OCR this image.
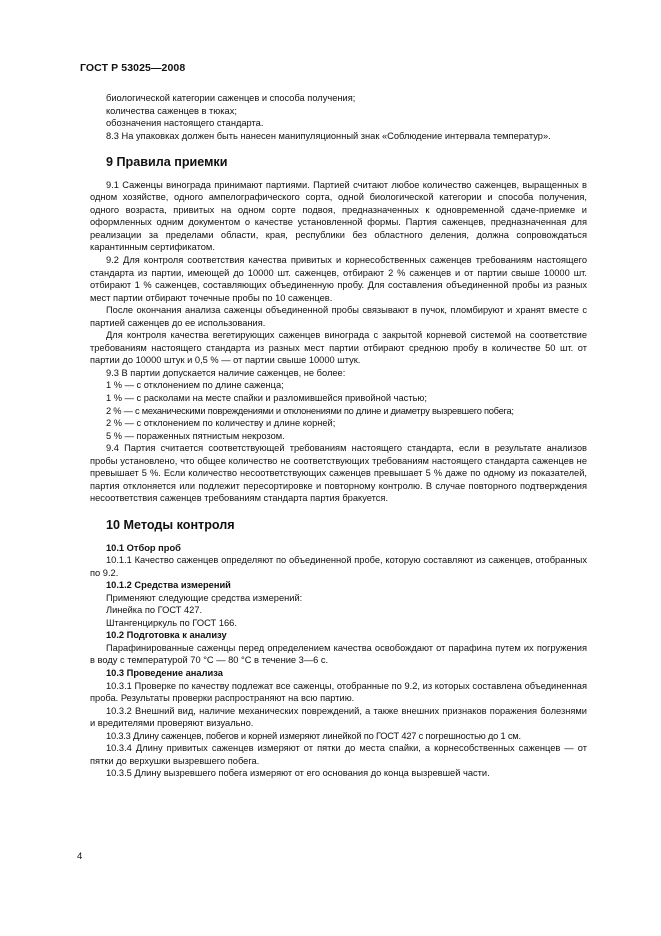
ГОСТ Р 53025—2008

биологической категории саженцев и способа получения;

количества саженцев в тюках;

обозначения настоящего стандарта.

8.3 На упаковках должен быть нанесен манипуляционный знак «Соблюдение интервала температур».

9 Правила приемки

9.1 Саженцы винограда принимают партиями. Партией считают любое количество саженцев, выращенных в одном хозяйстве, одного ампелографического сорта, одной биологической категории и способа получения, одного возраста, привитых на одном сорте подвоя, предназначенных к одновременной сдаче-приемке и оформленных одним документом о качестве установленной формы. Партия саженцев, предназначенная для реализации за пределами области, края, республики без областного деления, должна сопровождаться карантинным сертификатом.

9.2 Для контроля соответствия качества привитых и корнесобственных саженцев требованиям настоящего стандарта из партии, имеющей до 10000 шт. саженцев, отбирают 2 % саженцев и от партии свыше 10000 шт. отбирают 1 % саженцев, составляющих объединенную пробу. Для составления объединенной пробы из разных мест партии отбирают точечные пробы по 10 саженцев.

После окончания анализа саженцы объединенной пробы связывают в пучок, пломбируют и хранят вместе с партией саженцев до ее использования.

Для контроля качества вегетирующих саженцев винограда с закрытой корневой системой на соответствие требованиям настоящего стандарта из разных мест партии отбирают среднюю пробу в количестве 50 шт. от партии до 10000 штук и 0,5 % — от партии свыше 10000 штук.

9.3 В партии допускается наличие саженцев, не более:

1 % — с отклонением по длине саженца;

1 % — с расколами на месте спайки и разломившейся привойной частью;

2 % — с механическими повреждениями и отклонениями по длине и диаметру вызревшего побега;

2 % — с отклонением по количеству и длине корней;

5 % — пораженных пятнистым некрозом.

9.4 Партия считается соответствующей требованиям настоящего стандарта, если в результате анализов пробы установлено, что общее количество не соответствующих требованиям настоящего стандарта саженцев не превышает 5 %. Если количество несоответствующих саженцев превышает 5 % даже по одному из показателей, партия отклоняется или подлежит пересортировке и повторному контролю. В случае повторного подтверждения несоответствия саженцев требованиям стандарта партия бракуется.

10 Методы контроля

10.1 Отбор проб

10.1.1 Качество саженцев определяют по объединенной пробе, которую составляют из саженцев, отобранных по 9.2.

10.1.2 Средства измерений

Применяют следующие средства измерений:

Линейка по ГОСТ 427.

Штангенциркуль по ГОСТ 166.

10.2 Подготовка к анализу

Парафинированные саженцы перед определением качества освобождают от парафина путем их погружения в воду с температурой 70 °С — 80 °С в течение 3—6 с.

10.3 Проведение анализа

10.3.1 Проверке по качеству подлежат все саженцы, отобранные по 9.2, из которых составлена объединенная проба. Результаты проверки распространяют на всю партию.

10.3.2 Внешний вид, наличие механических повреждений, а также внешних признаков поражения болезнями и вредителями проверяют визуально.

10.3.3 Длину саженцев, побегов и корней измеряют линейкой по ГОСТ 427 с погрешностью до 1 см.

10.3.4 Длину привитых саженцев измеряют от пятки до места спайки, а корнесобственных саженцев — от пятки до верхушки вызревшего побега.

10.3.5 Длину вызревшего побега измеряют от его основания до конца вызревшей части.

4
